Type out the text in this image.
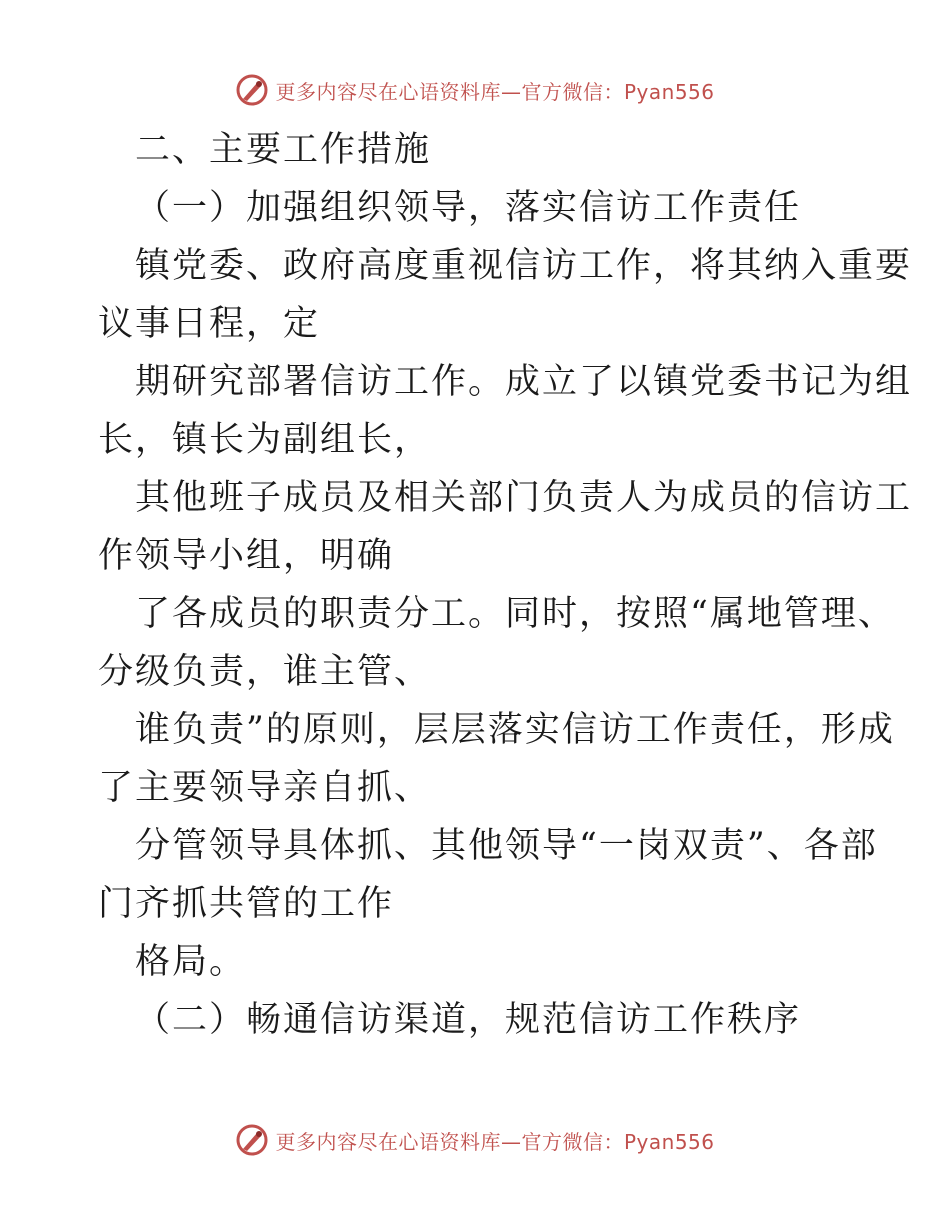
更多内容尽在心语资料库—官方微信：Pyan556
二、主要工作措施
（一）加强组织领导，落实信访工作责任
镇党委、政府高度重视信访工作，将其纳入重要
议事日程，定
期研究部署信访工作。成立了以镇党委书记为组
长，镇长为副组长，
其他班子成员及相关部门负责人为成员的信访工
作领导小组，明确
了各成员的职责分工。同时，按照“属地管理、
分级负责，谁主管、
谁负责”的原则，层层落实信访工作责任，形成
了主要领导亲自抓、
分管领导具体抓、其他领导“一岗双责”、各部
门齐抓共管的工作
格局。
（二）畅通信访渠道，规范信访工作秩序
更多内容尽在心语资料库—官方微信：Pyan556
